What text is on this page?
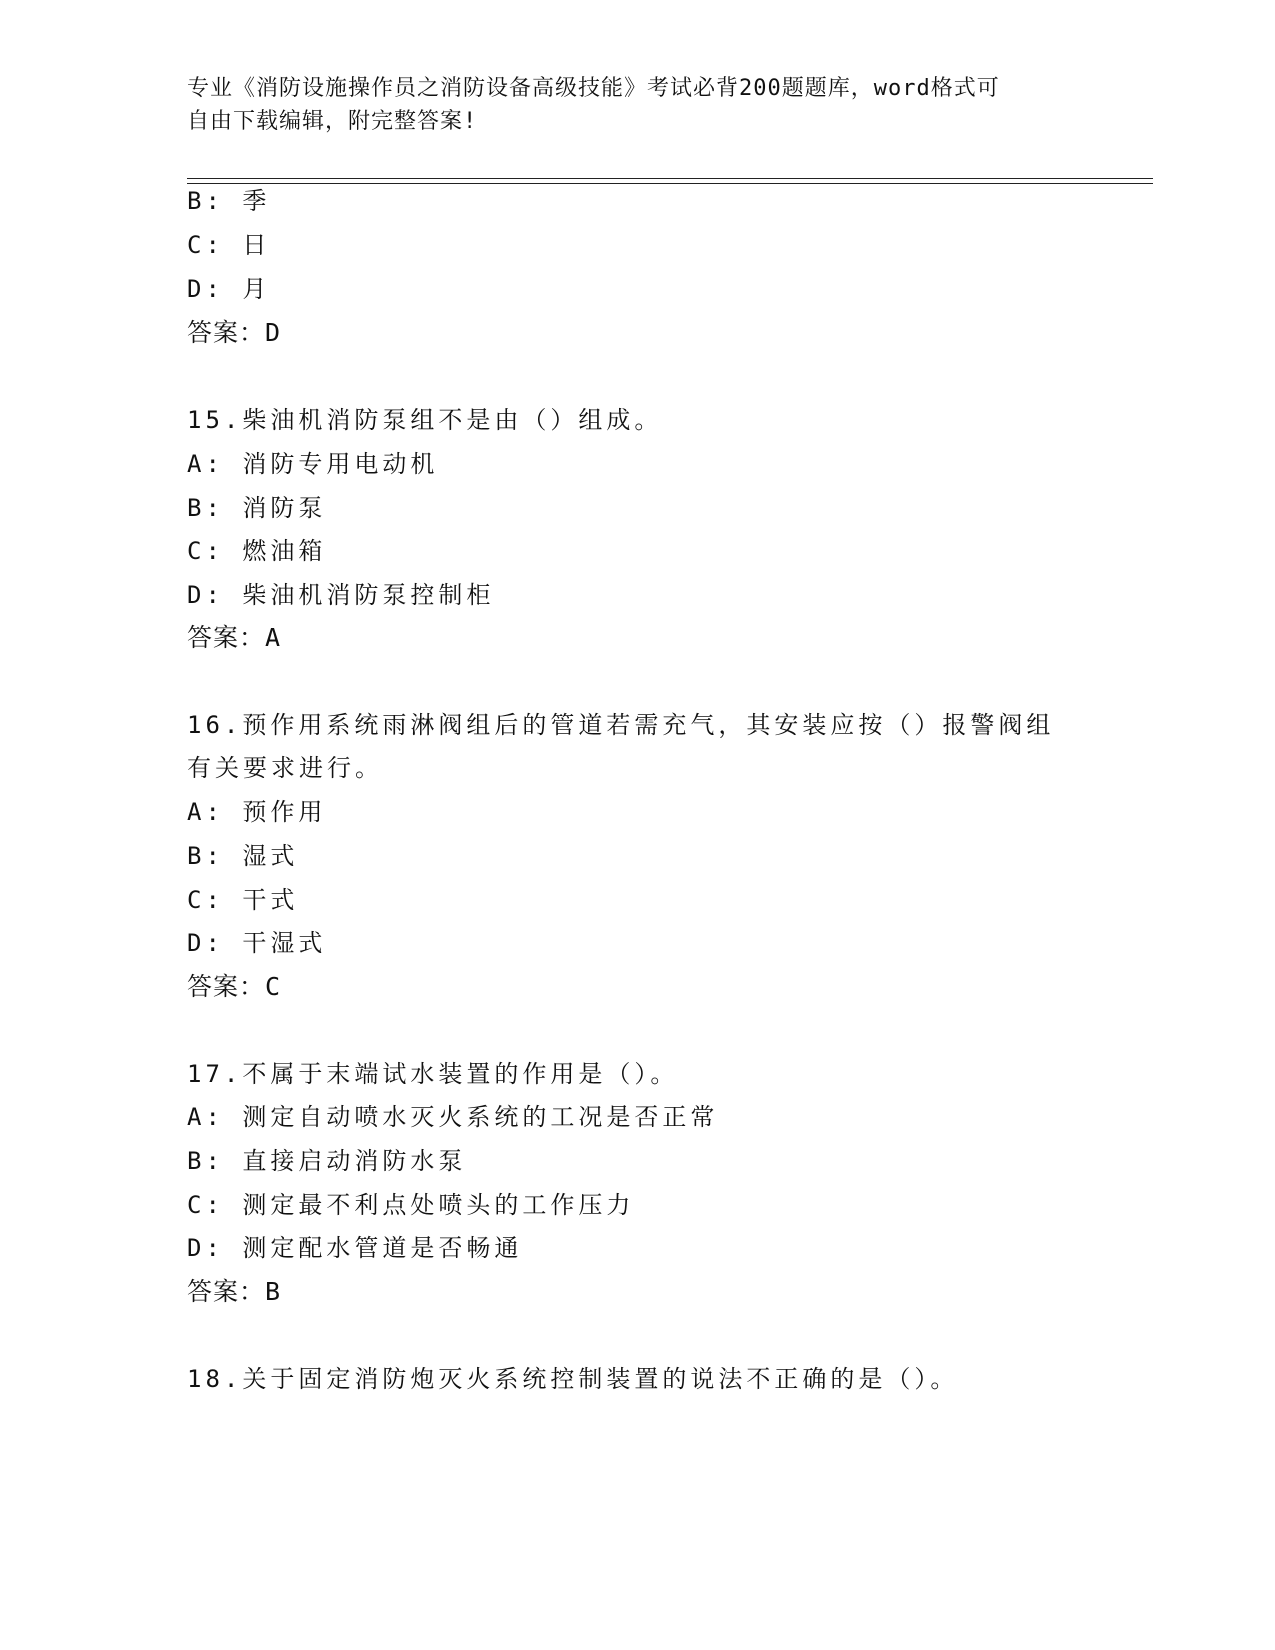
专业《消防设施操作员之消防设备高级技能》考试必背200题题库，word格式可
自由下载编辑，附完整答案!
B: 季
C: 日
D: 月
答案：D
15.柴油机消防泵组不是由（）组成。
A: 消防专用电动机
B: 消防泵
C: 燃油箱
D: 柴油机消防泵控制柜
答案：A
16.预作用系统雨淋阀组后的管道若需充气，其安装应按（）报警阀组
有关要求进行。
A: 预作用
B: 湿式
C: 干式
D: 干湿式
答案：C
17.不属于末端试水装置的作用是（）。
A: 测定自动喷水灭火系统的工况是否正常
B: 直接启动消防水泵
C: 测定最不利点处喷头的工作压力
D: 测定配水管道是否畅通
答案：B
18.关于固定消防炮灭火系统控制装置的说法不正确的是（）。
